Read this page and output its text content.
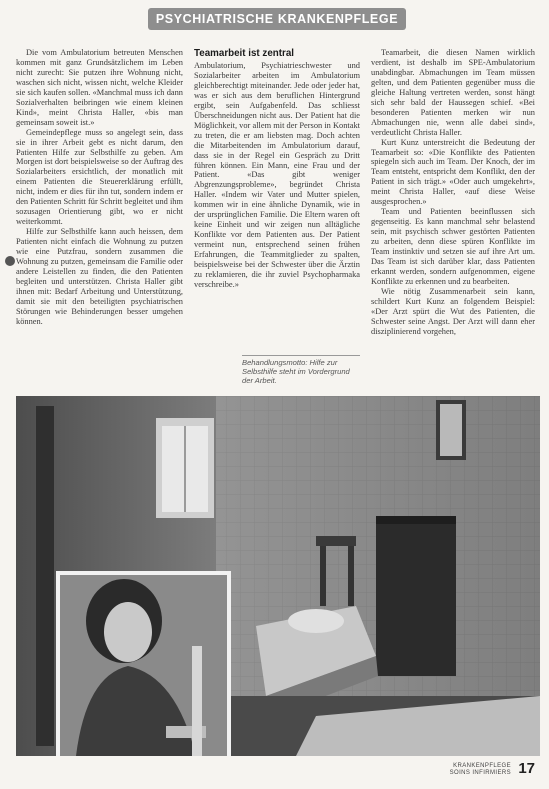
PSYCHIATRISCHE KRANKENPFLEGE

Die vom Ambulatorium betreuten Menschen kommen mit ganz Grundsätzlichem im Leben nicht zurecht: Sie putzen ihre Wohnung nicht, waschen sich nicht, wissen nicht, welche Kleider sie sich kaufen sollen. «Manchmal muss ich dann Sozialverhalten beibringen wie einem kleinen Kind», meint Christa Haller, «bis man gemeinsam soweit ist.»

Gemeindepflege muss so angelegt sein, dass sie in ihrer Arbeit gebt es nicht darum, den Patienten Hilfe zur Selbsthilfe zu geben. Am Morgen ist dort beispielsweise so der Auftrag des Sozialarbeiters ersichtlich, der monatlich mit einem Patienten die Steuererklärung erfüllt, nicht, indem er dies für ihn tut, sondern indem er den Patienten Schritt für Schritt begleitet und ihm sozusagen Orientierung gibt, wo er nicht weiterkommt.

Hilfe zur Selbsthilfe kann auch heissen, dem Patienten nicht einfach die Wohnung zu putzen wie eine Putzfrau, sondern zusammen die Wohnung zu putzen, gemeinsam die Familie oder andere Leistellen zu finden, die den Patienten begleiten und unterstützen. Christa Haller gibt ihnen mit: Bedarf Arbeitung und Unterstützung, damit sie mit den beteiligten psychiatrischen Störungen wie Behinderungen besser umgehen können.

Teamarbeit ist zentral

Ambulatorium, Psychiatrieschwester und Sozialarbeiter arbeiten im Ambulatorium gleichberechtigt miteinander. Jede oder jeder hat, was er sich aus dem beruflichen Hintergrund ergibt, sein Aufgabenfeld. Das schliesst Überschneidungen nicht aus. Der Patient hat die Möglichkeit, vor allem mit der Person in Kontakt zu treten, die er am liebsten mag. Doch achten die Mitarbeitenden im Ambulatorium darauf, dass sie in der Regel ein Gespräch zu Dritt führen können. Ein Mann, eine Frau und der Patient. «Das gibt weniger Abgrenzungsprobleme», begründet Christa Haller. «Indem wir Vater und Mutter spielen, kommen wir in eine ähnliche Dynamik, wie in der ursprünglichen Familie. Die Eltern waren oft keine Einheit und wir zeigen nun alltägliche Konflikte vor dem Patienten aus. Der Patient vermeint nun, entsprechend seinen frühen Erfahrungen, die Teammitglieder zu spalten, beispielsweise bei der Schwester über die Ärztin zu reklamieren, die ihr zuviel Psychopharmaka verschreibe.»

Behandlungsmotto: Hilfe zur Selbsthilfe steht im Vordergrund der Arbeit.

Teamarbeit, die diesen Namen wirklich verdient, ist deshalb im SPE-Ambulatorium unabdingbar. Abmachungen im Team müssen gelten, und dem Patienten gegenüber muss die gleiche Haltung vertreten werden, sonst hängt sich sehr bald der Haussegen schief. «Bei besonderen Patienten merken wir nun Abmachungen nie, wenn alle dabei sind», verdeutlicht Christa Haller.

Kurt Kunz unterstreicht die Bedeutung der Teamarbeit so: «Die Konflikte des Patienten spiegeln sich auch im Team. Der Knoch, der im Team entsteht, entspricht dem Konflikt, den der Patient in sich trägt.» «Oder auch umgekehrt», meint Christa Haller, «auf diese Weise ausgesprochen.»

Team und Patienten beeinflussen sich gegenseitig. Es kann manchmal sehr belastend sein, mit psychisch schwer gestörten Patienten zu arbeiten, denn diese spüren Konflikte im Team instinktiv und setzen sie auf ihre Art um. Das Team ist sich darüber klar, dass Patienten erkannt werden, sondern aufgenommen, eigene Konflikte zu erkennen und zu bearbeiten.

Wie nötig Zusammenarbeit sein kann, schildert Kurt Kunz an folgendem Beispiel: «Der Arzt spürt die Wut des Patienten, die Schwester seine Angst. Der Arzt will dann eher disziplinierend vorgehen,

KRANKENPFLEGE
SOINS INFIRMIERS 17
